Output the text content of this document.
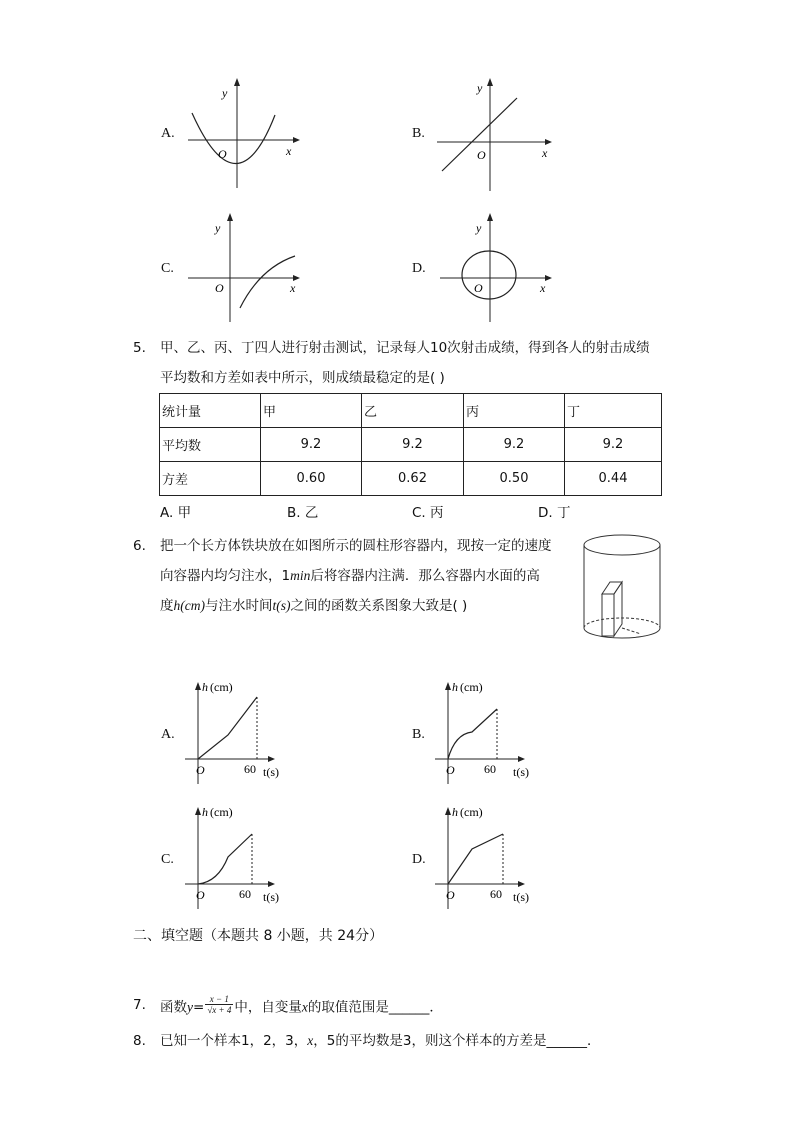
A.
y
x
O
B.
y
x
O
C.
y
x
O
D.
y
x
O
5. 甲、乙、丙、丁四人进行射击测试，记录每人10次射击成绩，得到各人的射击成绩
平均数和方差如表中所示，则成绩最稳定的是( )
统计量	甲	乙	丙	丁
平均数	9.2	9.2	9.2	9.2
方差	0.60	0.62	0.50	0.44
A. 甲	B. 乙	C. 丙	D. 丁
6. 把一个长方体铁块放在如图所示的圆柱形容器内，现按一定的速度
向容器内均匀注水，1min后将容器内注满．那么容器内水面的高
度h(cm)与注水时间t(s)之间的函数关系图象大致是( )
A.	B.
C.	D.
h (cm)
O	60 t(s)
h (cm)
O 60 t(s)
h (cm)
O	60 t(s)
h (cm)
O	60 t(s)
二、填空题（本题共 8 小题，共 24分）
7. 函数$y= \frac{x - 1}{√x + 4}$ 中，自变量x的取值范围是______．
8. 已知一个样本1，2，3，x，5的平均数是3，则这个样本的方差是______．
